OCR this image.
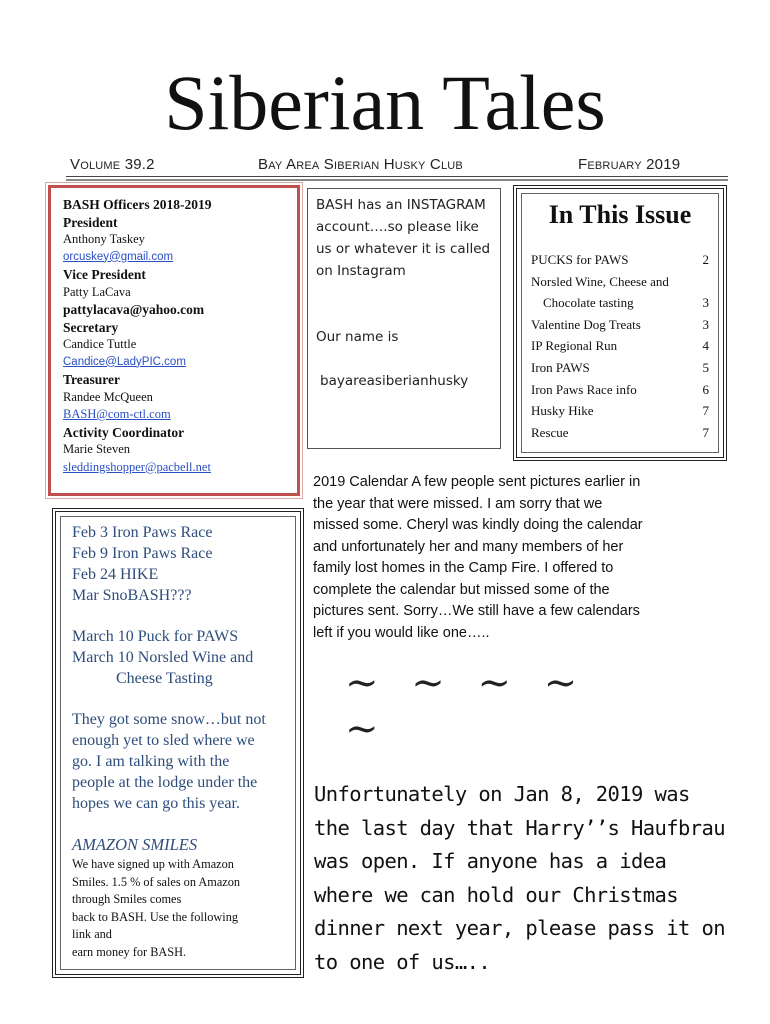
Siberian Tales
Volume 39.2	Bay Area Siberian Husky Club	February 2019
BASH Officers 2018-2019
President
Anthony Taskey
orcuskey@gmail.com
Vice President
Patty LaCava
pattylacava@yahoo.com
Secretary
Candice Tuttle
Candice@LadyPIC.com
Treasurer
Randee McQueen
BASH@com-ctl.com
Activity Coordinator
Marie Steven
sleddingshopper@pacbell.net
BASH has an INSTAGRAM
account….so please like
us or whatever it is called
on Instagram
Our name is
bayareasiberianhusky
In This Issue
PUCKS for PAWS	2
Norsled Wine, Cheese and
Chocolate tasting	3
Valentine Dog Treats	3
IP Regional Run	4
Iron PAWS	5
Iron Paws Race info	6
Husky Hike	7
Rescue	7
2019 Calendar A few people sent pictures earlier in
the year that were missed. I am sorry that we
missed some. Cheryl was kindly doing the calendar
and unfortunately her and many members of her
family lost homes in the Camp Fire. I offered to
complete the calendar but missed some of the
pictures sent. Sorry…We still have a few calendars
left if you would like one…..
∼ ∼ ∼ ∼ ∼
Feb 3 Iron Paws Race
Feb 9 Iron Paws Race
Feb 24 HIKE
Mar SnoBASH???
March 10 Puck for PAWS
March 10 Norsled Wine and
Cheese Tasting
They got some snow…but not
enough yet to sled where we
go. I am talking with the
people at the lodge under the
hopes we can go this year.
AMAZON SMILES
We have signed up with Amazon
Smiles. 1.5 % of sales on Amazon
through Smiles comes
back to BASH. Use the following
link and
earn money for BASH.
Unfortunately on Jan 8, 2019 was
the last day that Harry’’s Haufbrau
was open. If anyone has a idea
where we can hold our Christmas
dinner next year, please pass it on
to one of us…..
